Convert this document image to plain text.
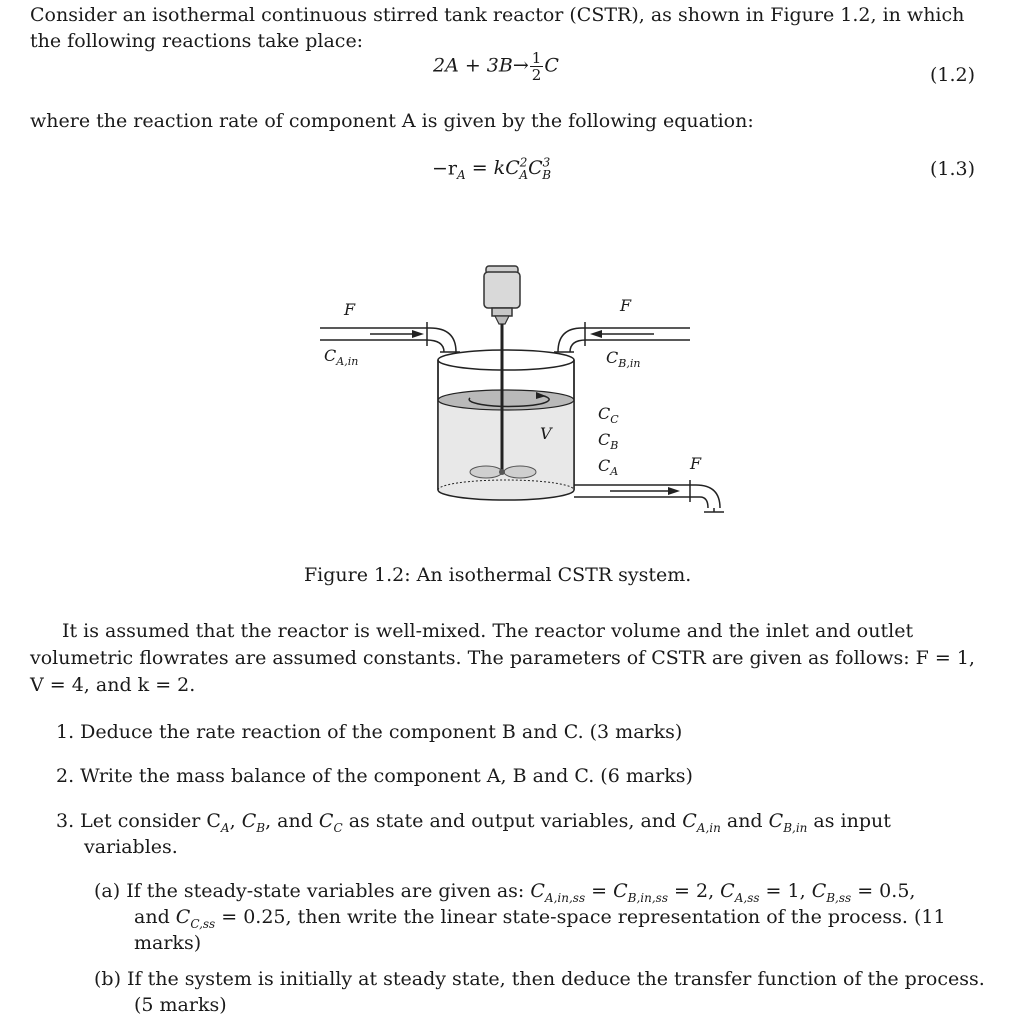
Consider an isothermal continuous stirred tank reactor (CSTR), as shown in Figure 1.2, in which
the following reactions take place:
$2A + 3B\to \frac{1}{2}$ C	(1.2)
where the reaction rate of component A is given by the following equation:
$-r_A = kC^2_AC^3_B$	(1.3)
F
$C_{A,in}$
F
$C_{B,in}$
V
$C_C$
$C_B$
$C_A$	F
Figure 1.2: An isothermal CSTR system.
It is assumed that the reactor is well-mixed. The reactor volume and the inlet and outlet
volumetric flowrates are assumed constants. The parameters of CSTR are given as follows: F = 1,
V = 4, and k = 2.
1. Deduce the rate reaction of the component B and C. (3 marks)
2. Write the mass balance of the component A, B and C. (6 marks)
3. Let consider $C_A$, $C_B$, and $C_C$ as state and output variables, and $C_{A,in}$ and $C_{B,in}$ as input
variables.
(a) If the steady-state variables are given as: $C_{A,in,ss} = C_{B,in,ss} = 2$, $C_{A,ss} = 1$, $C_{B,ss} = 0.5$,
and $C_{C,ss} = 0.25$, then write the linear state-space representation of the process. (11
marks)
(b) If the system is initially at steady state, then deduce the transfer function of the process.
(5 marks)
